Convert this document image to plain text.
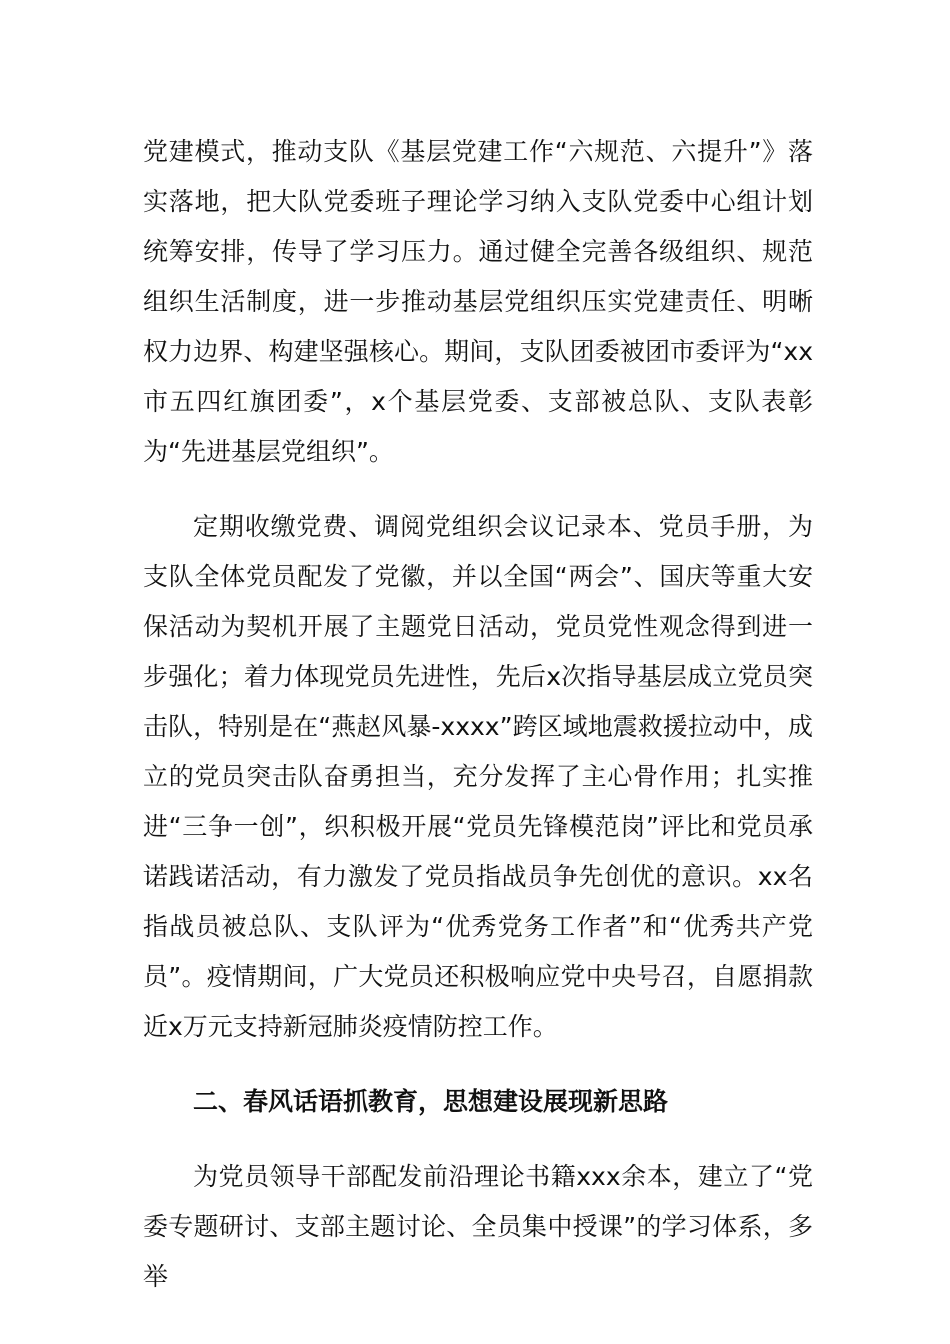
党建模式，推动支队《基层党建工作“六规范、六提升”》落实落地，把大队党委班子理论学习纳入支队党委中心组计划统筹安排，传导了学习压力。通过健全完善各级组织、规范组织生活制度，进一步推动基层党组织压实党建责任、明晰权力边界、构建坚强核心。期间，支队团委被团市委评为“xx市五四红旗团委”，x个基层党委、支部被总队、支队表彰为“先进基层党组织”。

定期收缴党费、调阅党组织会议记录本、党员手册，为支队全体党员配发了党徽，并以全国“两会”、国庆等重大安保活动为契机开展了主题党日活动，党员党性观念得到进一步强化；着力体现党员先进性，先后x次指导基层成立党员突击队，特别是在“燕赵风暴-xxxx”跨区域地震救援拉动中，成立的党员突击队奋勇担当，充分发挥了主心骨作用；扎实推进“三争一创”，织积极开展“党员先锋模范岗”评比和党员承诺践诺活动，有力激发了党员指战员争先创优的意识。xx名指战员被总队、支队评为“优秀党务工作者”和“优秀共产党员”。疫情期间，广大党员还积极响应党中央号召，自愿捐款近x万元支持新冠肺炎疫情防控工作。

二、春风话语抓教育，思想建设展现新思路

为党员领导干部配发前沿理论书籍xxx余本，建立了“党委专题研讨、支部主题讨论、全员集中授课”的学习体系，多举
